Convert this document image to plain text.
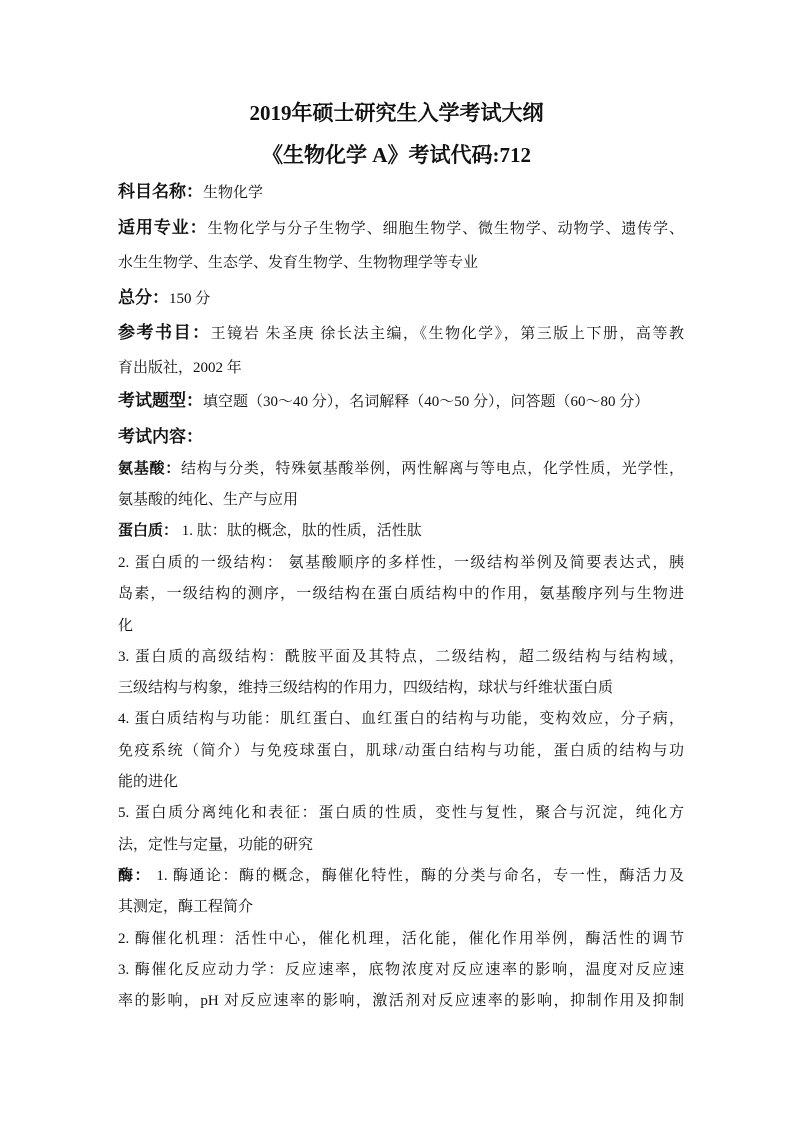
2019年硕士研究生入学考试大纲
《生物化学 A》考试代码:712
科目名称：生物化学
适用专业：生物化学与分子生物学、细胞生物学、微生物学、动物学、遗传学、
水生生物学、生态学、发育生物学、生物物理学等专业
总分：150 分
参考书目：王镜岩 朱圣庚 徐长法主编，《生物化学》，第三版上下册，高等教
育出版社，2002 年
考试题型：填空题（30～40 分），名词解释（40～50 分），问答题（60～80 分）
考试内容：
氨基酸：结构与分类，特殊氨基酸举例，两性解离与等电点，化学性质，光学性，
氨基酸的纯化、生产与应用
蛋白质： 1. 肽：肽的概念，肽的性质，活性肽
2. 蛋白质的一级结构： 氨基酸顺序的多样性，一级结构举例及简要表达式，胰
岛素，一级结构的测序，一级结构在蛋白质结构中的作用，氨基酸序列与生物进
化
3. 蛋白质的高级结构：酰胺平面及其特点，二级结构，超二级结构与结构域，
三级结构与构象，维持三级结构的作用力，四级结构，球状与纤维状蛋白质
4. 蛋白质结构与功能：肌红蛋白、血红蛋白的结构与功能，变构效应，分子病，
免疫系统（简介）与免疫球蛋白，肌球/动蛋白结构与功能，蛋白质的结构与功
能的进化
5. 蛋白质分离纯化和表征：蛋白质的性质，变性与复性，聚合与沉淀，纯化方
法，定性与定量，功能的研究
酶： 1. 酶通论：酶的概念，酶催化特性，酶的分类与命名，专一性，酶活力及
其测定，酶工程简介
2. 酶催化机理：活性中心，催化机理，活化能，催化作用举例，酶活性的调节
3. 酶催化反应动力学：反应速率，底物浓度对反应速率的影响，温度对反应速
率的影响，pH 对反应速率的影响，激活剂对反应速率的影响，抑制作用及抑制
